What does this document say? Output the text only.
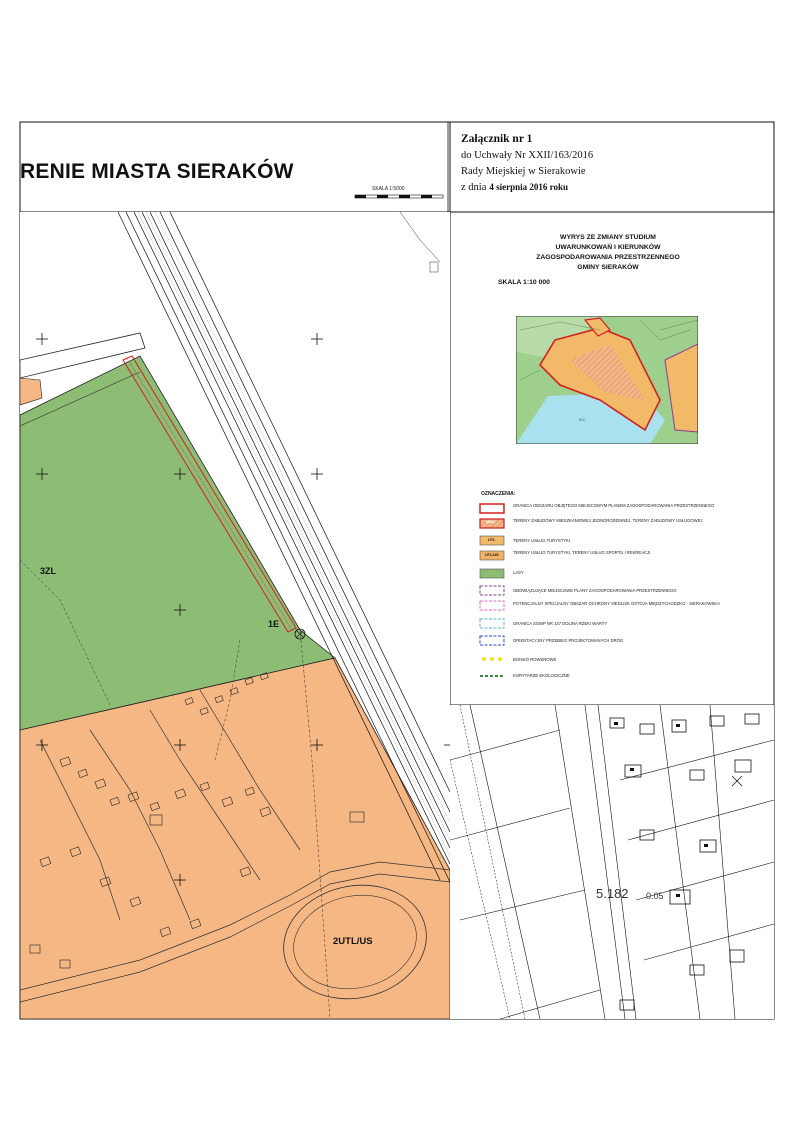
RENIE MIASTA SIERAKÓW
SKALA 1:5000
Załącznik nr 1
do Uchwały Nr XXII/163/2016
Rady Miejskiej w Sierakowie
z dnia 4 sierpnia 2016 roku
WYRYS ZE ZMIANY STUDIUM
UWARUNKOWAŃ I KIERUNKÓW
ZAGOSPODAROWANIA PRZESTRZENNEGO
GMINY SIERAKÓW
SKALA 1:10 000
OZNACZENIA:
GRANICA OBSZARU OBJĘTEGO MIEJSCOWYM PLANEM ZAGOSPODAROWANIA PRZESTRZENNEGO
MN/U	TERENY ZABUDOWY MIESZKANIOWEJ JEDNORODZINNEJ, TERENY ZABUDOWY USŁUGOWEJ
UTL	TERENY USŁUG TURYSTYKI
UTL/US	TERENY USŁUG TURYSTYKI, TERENY USŁUG SPORTU I REKREACJI
LASY
OBOWIĄZUJĄCE MIEJSCOWE PLANY ZAGOSPODAROWANIA PRZESTRZENNEGO
POTENCJALNY SPECJALNY OBSZAR OCHRONY SIEDLISK OSTOJA MIĘDZYCHODZKO - SIERAKOWSKA
GRANICA SOWP NR 147 DOLINA RZEKI WARTY
ORIENTACYJNY PRZEBIEG PROJEKTOWANYCH DRÓG
BOISKO ROWEROWE
KORYTARZE EKOLOGICZNE
3ZL
1E
2UTL/US
5.182 0.05
JEZ.
